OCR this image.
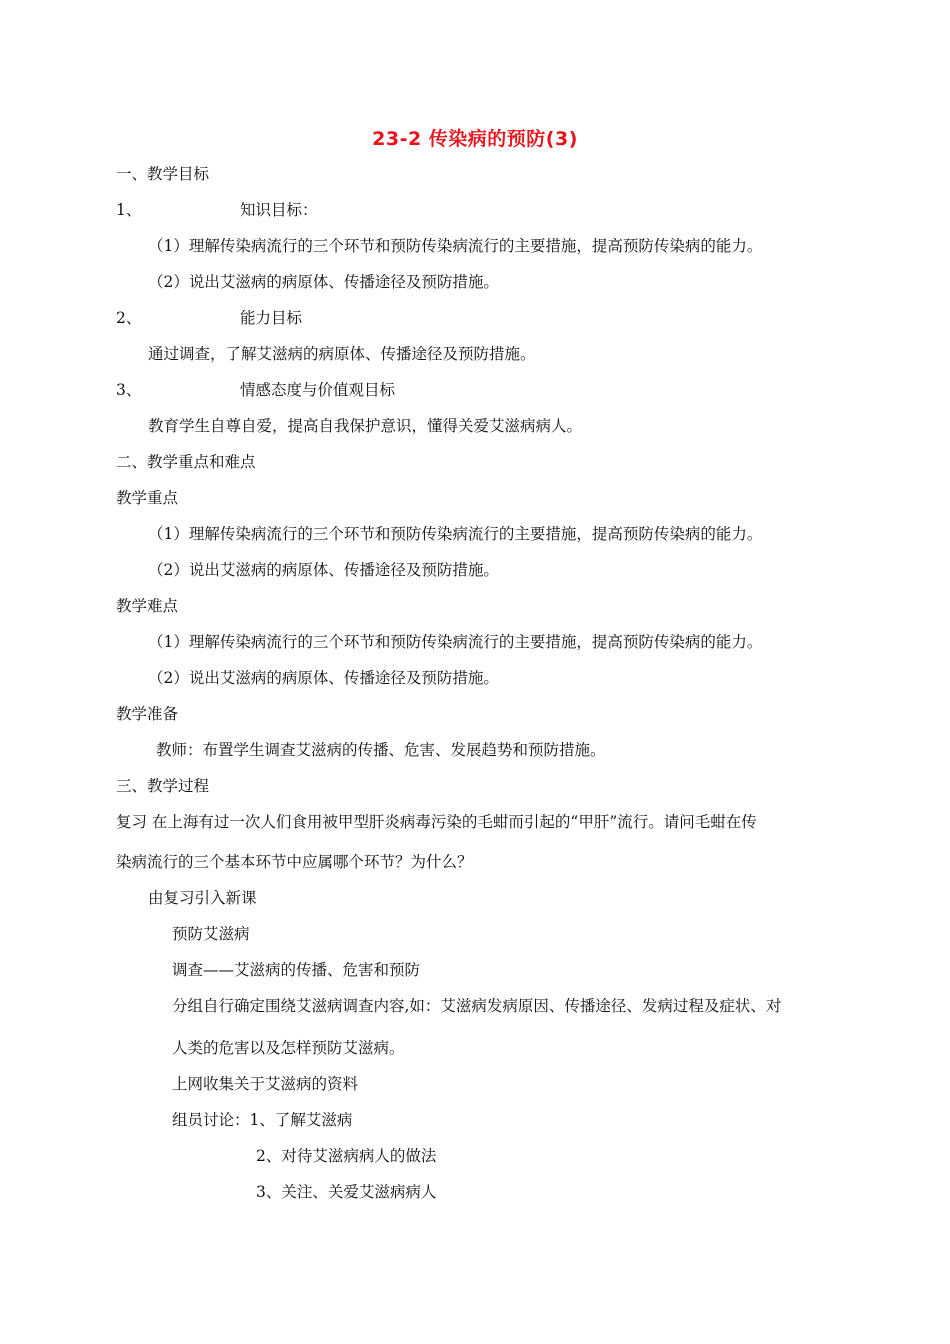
23-2 传染病的预防(3)
一、教学目标
1、	知识目标：
（1）理解传染病流行的三个环节和预防传染病流行的主要措施，提高预防传染病的能力。
（2）说出艾滋病的病原体、传播途径及预防措施。
2、	能力目标
通过调查，了解艾滋病的病原体、传播途径及预防措施。
3、	情感态度与价值观目标
教育学生自尊自爱，提高自我保护意识，懂得关爱艾滋病病人。
二、教学重点和难点
教学重点
（1）理解传染病流行的三个环节和预防传染病流行的主要措施，提高预防传染病的能力。
（2）说出艾滋病的病原体、传播途径及预防措施。
教学难点
（1）理解传染病流行的三个环节和预防传染病流行的主要措施，提高预防传染病的能力。
（2）说出艾滋病的病原体、传播途径及预防措施。
教学准备
教师：布置学生调查艾滋病的传播、危害、发展趋势和预防措施。
三、教学过程
复习 在上海有过一次人们食用被甲型肝炎病毒污染的毛蚶而引起的“甲肝”流行。请问毛蚶在传
染病流行的三个基本环节中应属哪个环节？为什么？
由复习引入新课
预防艾滋病
调查——艾滋病的传播、危害和预防
分组自行确定围绕艾滋病调查内容,如：艾滋病发病原因、传播途径、发病过程及症状、对
人类的危害以及怎样预防艾滋病。
上网收集关于艾滋病的资料
组员讨论：1、了解艾滋病
2、对待艾滋病病人的做法
3、关注、关爱艾滋病病人
